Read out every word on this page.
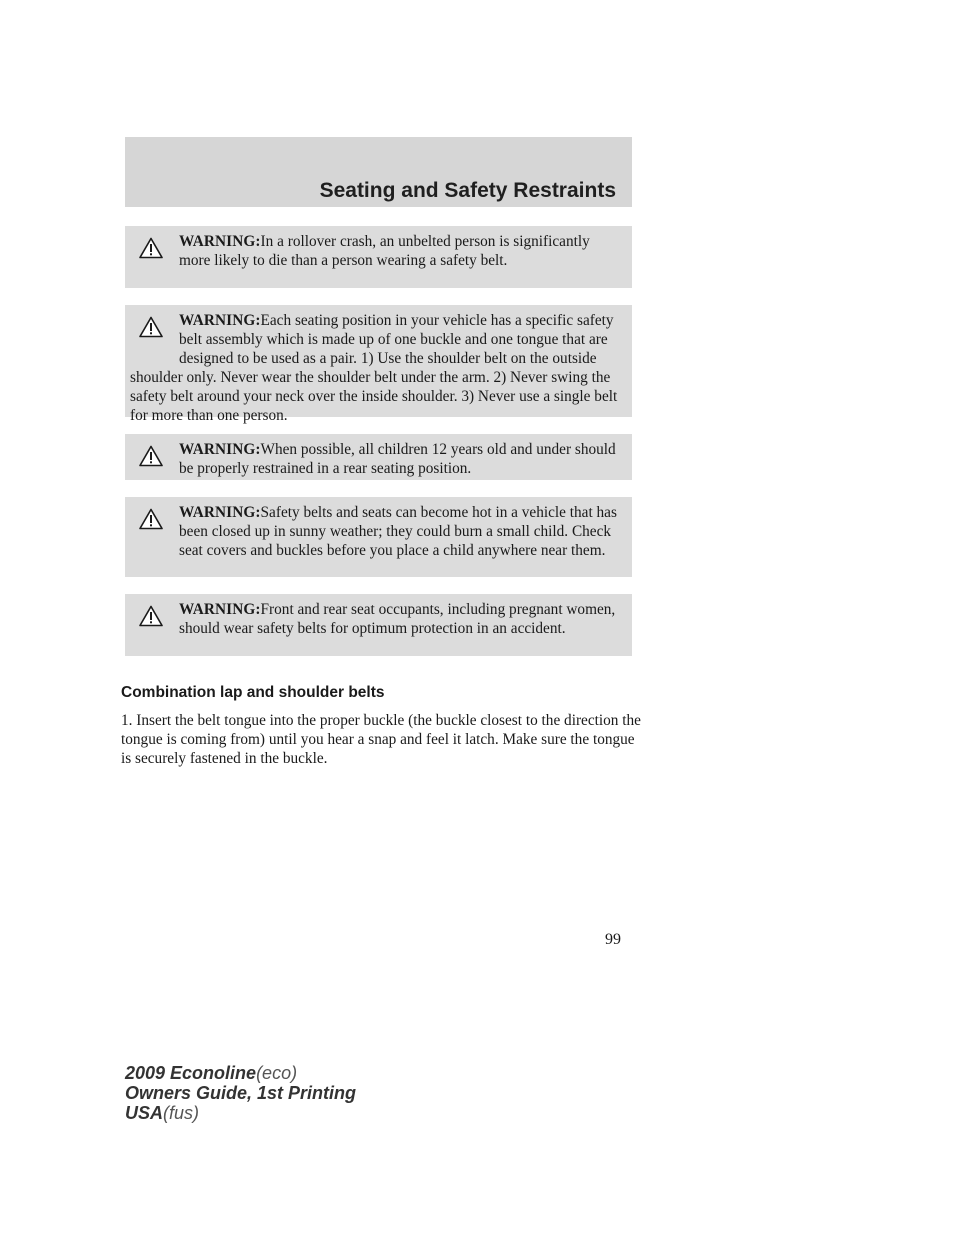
Seating and Safety Restraints
WARNING:In a rollover crash, an unbelted person is significantly more likely to die than a person wearing a safety belt.
WARNING:Each seating position in your vehicle has a specific safety belt assembly which is made up of one buckle and one tongue that are designed to be used as a pair. 1) Use the shoulder belt on the outside shoulder only. Never wear the shoulder belt under the arm. 2) Never swing the safety belt around your neck over the inside shoulder. 3) Never use a single belt for more than one person.
WARNING:When possible, all children 12 years old and under should be properly restrained in a rear seating position.
WARNING:Safety belts and seats can become hot in a vehicle that has been closed up in sunny weather; they could burn a small child. Check seat covers and buckles before you place a child anywhere near them.
WARNING:Front and rear seat occupants, including pregnant women, should wear safety belts for optimum protection in an accident.
Combination lap and shoulder belts
1. Insert the belt tongue into the proper buckle (the buckle closest to the direction the tongue is coming from) until you hear a snap and feel it latch. Make sure the tongue is securely fastened in the buckle.
99
2009 Econoline(eco)
Owners Guide, 1st Printing
USA(fus)
